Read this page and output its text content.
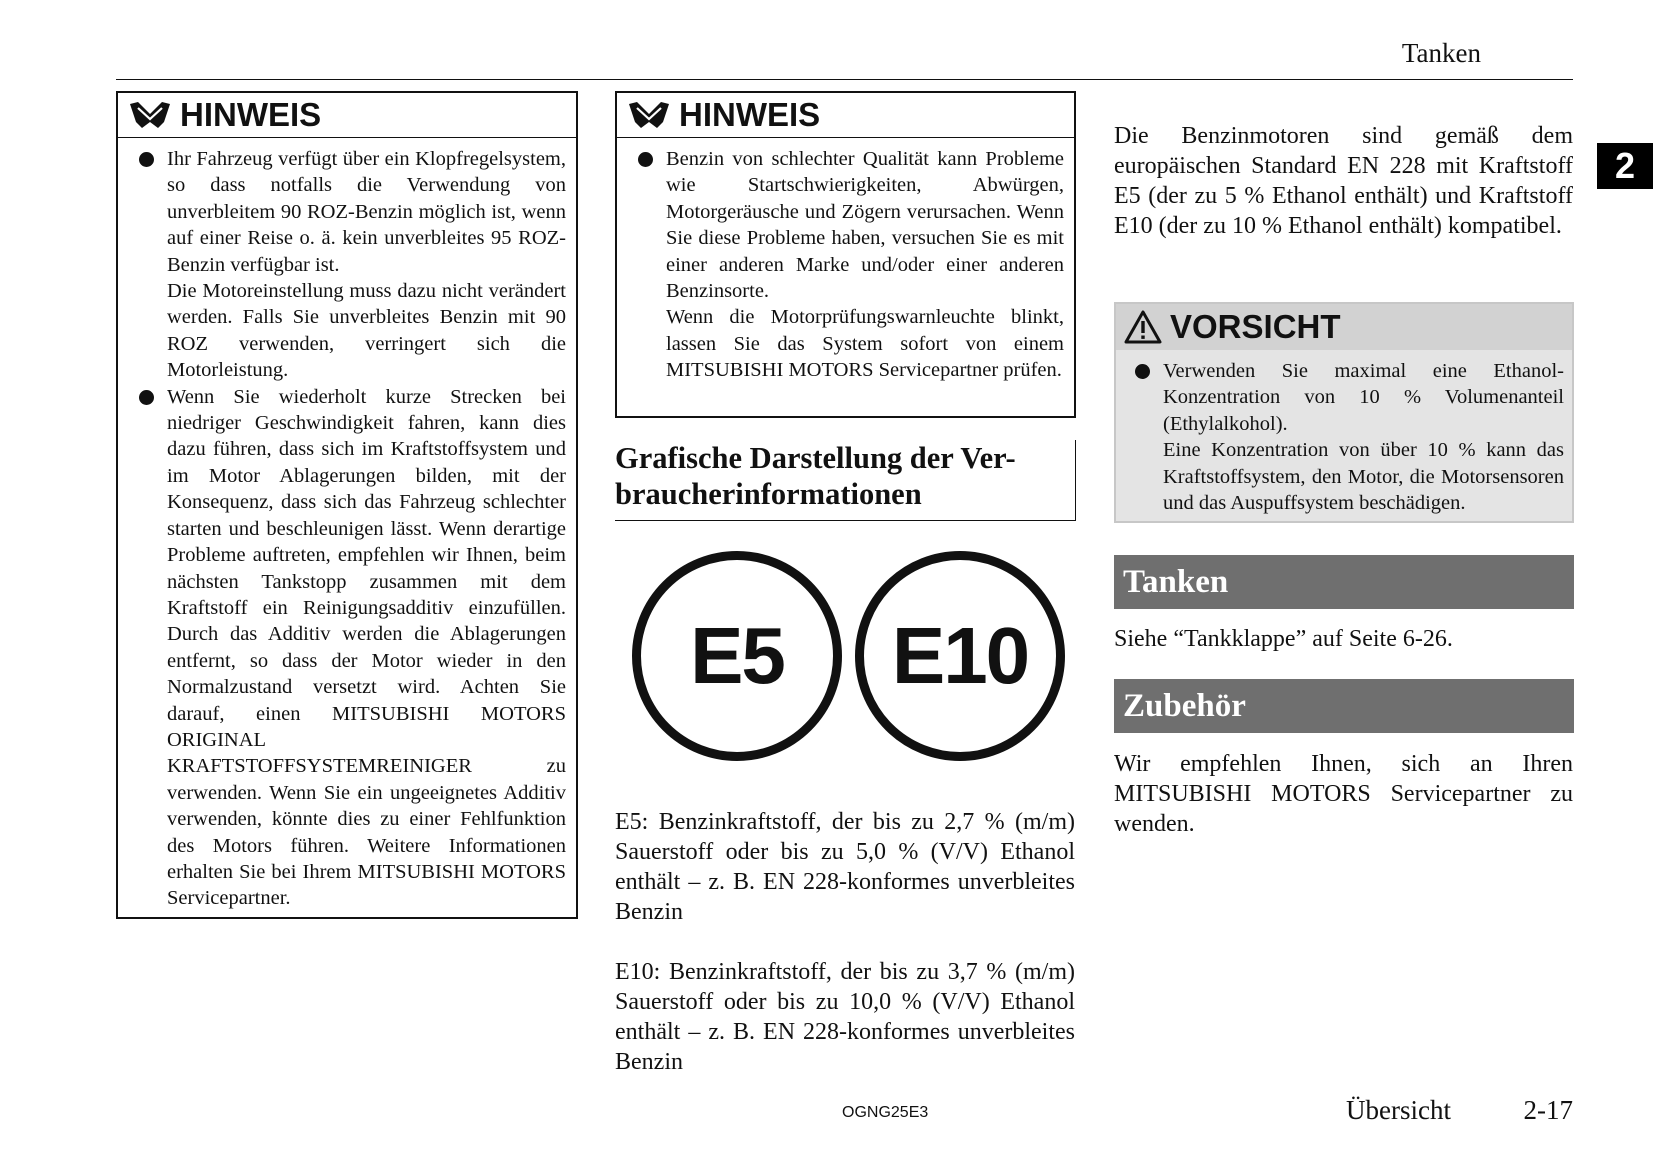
Tanken
2
HINWEIS

Ihr Fahrzeug verfügt über ein Klopfregelsystem, so dass notfalls die Verwendung von unverbleitem 90 ROZ-Benzin möglich ist, wenn auf einer Reise o. ä. kein unverbleites 95 ROZ-Benzin verfügbar ist.

Die Motoreinstellung muss dazu nicht verändert werden. Falls Sie unverbleites Benzin mit 90 ROZ verwenden, verringert sich die Motorleistung.

Wenn Sie wiederholt kurze Strecken bei niedriger Geschwindigkeit fahren, kann dies dazu führen, dass sich im Kraftstoffsystem und im Motor Ablagerungen bilden, mit der Konsequenz, dass sich das Fahrzeug schlechter starten und beschleunigen lässt. Wenn derartige Probleme auftreten, empfehlen wir Ihnen, beim nächsten Tankstopp zusammen mit dem Kraftstoff ein Reinigungsadditiv einzufüllen. Durch das Additiv werden die Ablagerungen entfernt, so dass der Motor wieder in den Normalzustand versetzt wird. Achten Sie darauf, einen MITSUBISHI MOTORS ORIGINAL KRAFTSTOFFSYSTEMREINIGER zu verwenden. Wenn Sie ein ungeeignetes Additiv verwenden, könnte dies zu einer Fehlfunktion des Motors führen. Weitere Informationen erhalten Sie bei Ihrem MITSUBISHI MOTORS Servicepartner.

HINWEIS

Benzin von schlechter Qualität kann Probleme wie Startschwierigkeiten, Abwürgen, Motorgeräusche und Zögern verursachen. Wenn Sie diese Probleme haben, versuchen Sie es mit einer anderen Marke und/oder einer anderen Benzinsorte.

Wenn die Motorprüfungswarnleuchte blinkt, lassen Sie das System sofort von einem MITSUBISHI MOTORS Servicepartner prüfen.

Grafische Darstellung der Ver-
braucherinformationen
E5	E10
E5: Benzinkraftstoff, der bis zu 2,7 % (m/m) Sauerstoff oder bis zu 5,0 % (V/V) Ethanol enthält – z. B. EN 228-konformes unverbleites Benzin
E10: Benzinkraftstoff, der bis zu 3,7 % (m/m) Sauerstoff oder bis zu 10,0 % (V/V) Ethanol enthält – z. B. EN 228-konformes unverbleites Benzin
Die Benzinmotoren sind gemäß dem europäischen Standard EN 228 mit Kraftstoff E5 (der zu 5 % Ethanol enthält) und Kraftstoff E10 (der zu 10 % Ethanol enthält) kompatibel.
VORSICHT

Verwenden Sie maximal eine Ethanol-Konzentration von 10 % Volumenanteil (Ethylalkohol).

Eine Konzentration von über 10 % kann das Kraftstoffsystem, den Motor, die Motorsensoren und das Auspuffsystem beschädigen.

Tanken
Siehe “Tankklappe” auf Seite 6-26.
Zubehör
Wir empfehlen Ihnen, sich an Ihren MITSUBISHI MOTORS Servicepartner zu wenden.
OGNG25E3	Übersicht	2-17
